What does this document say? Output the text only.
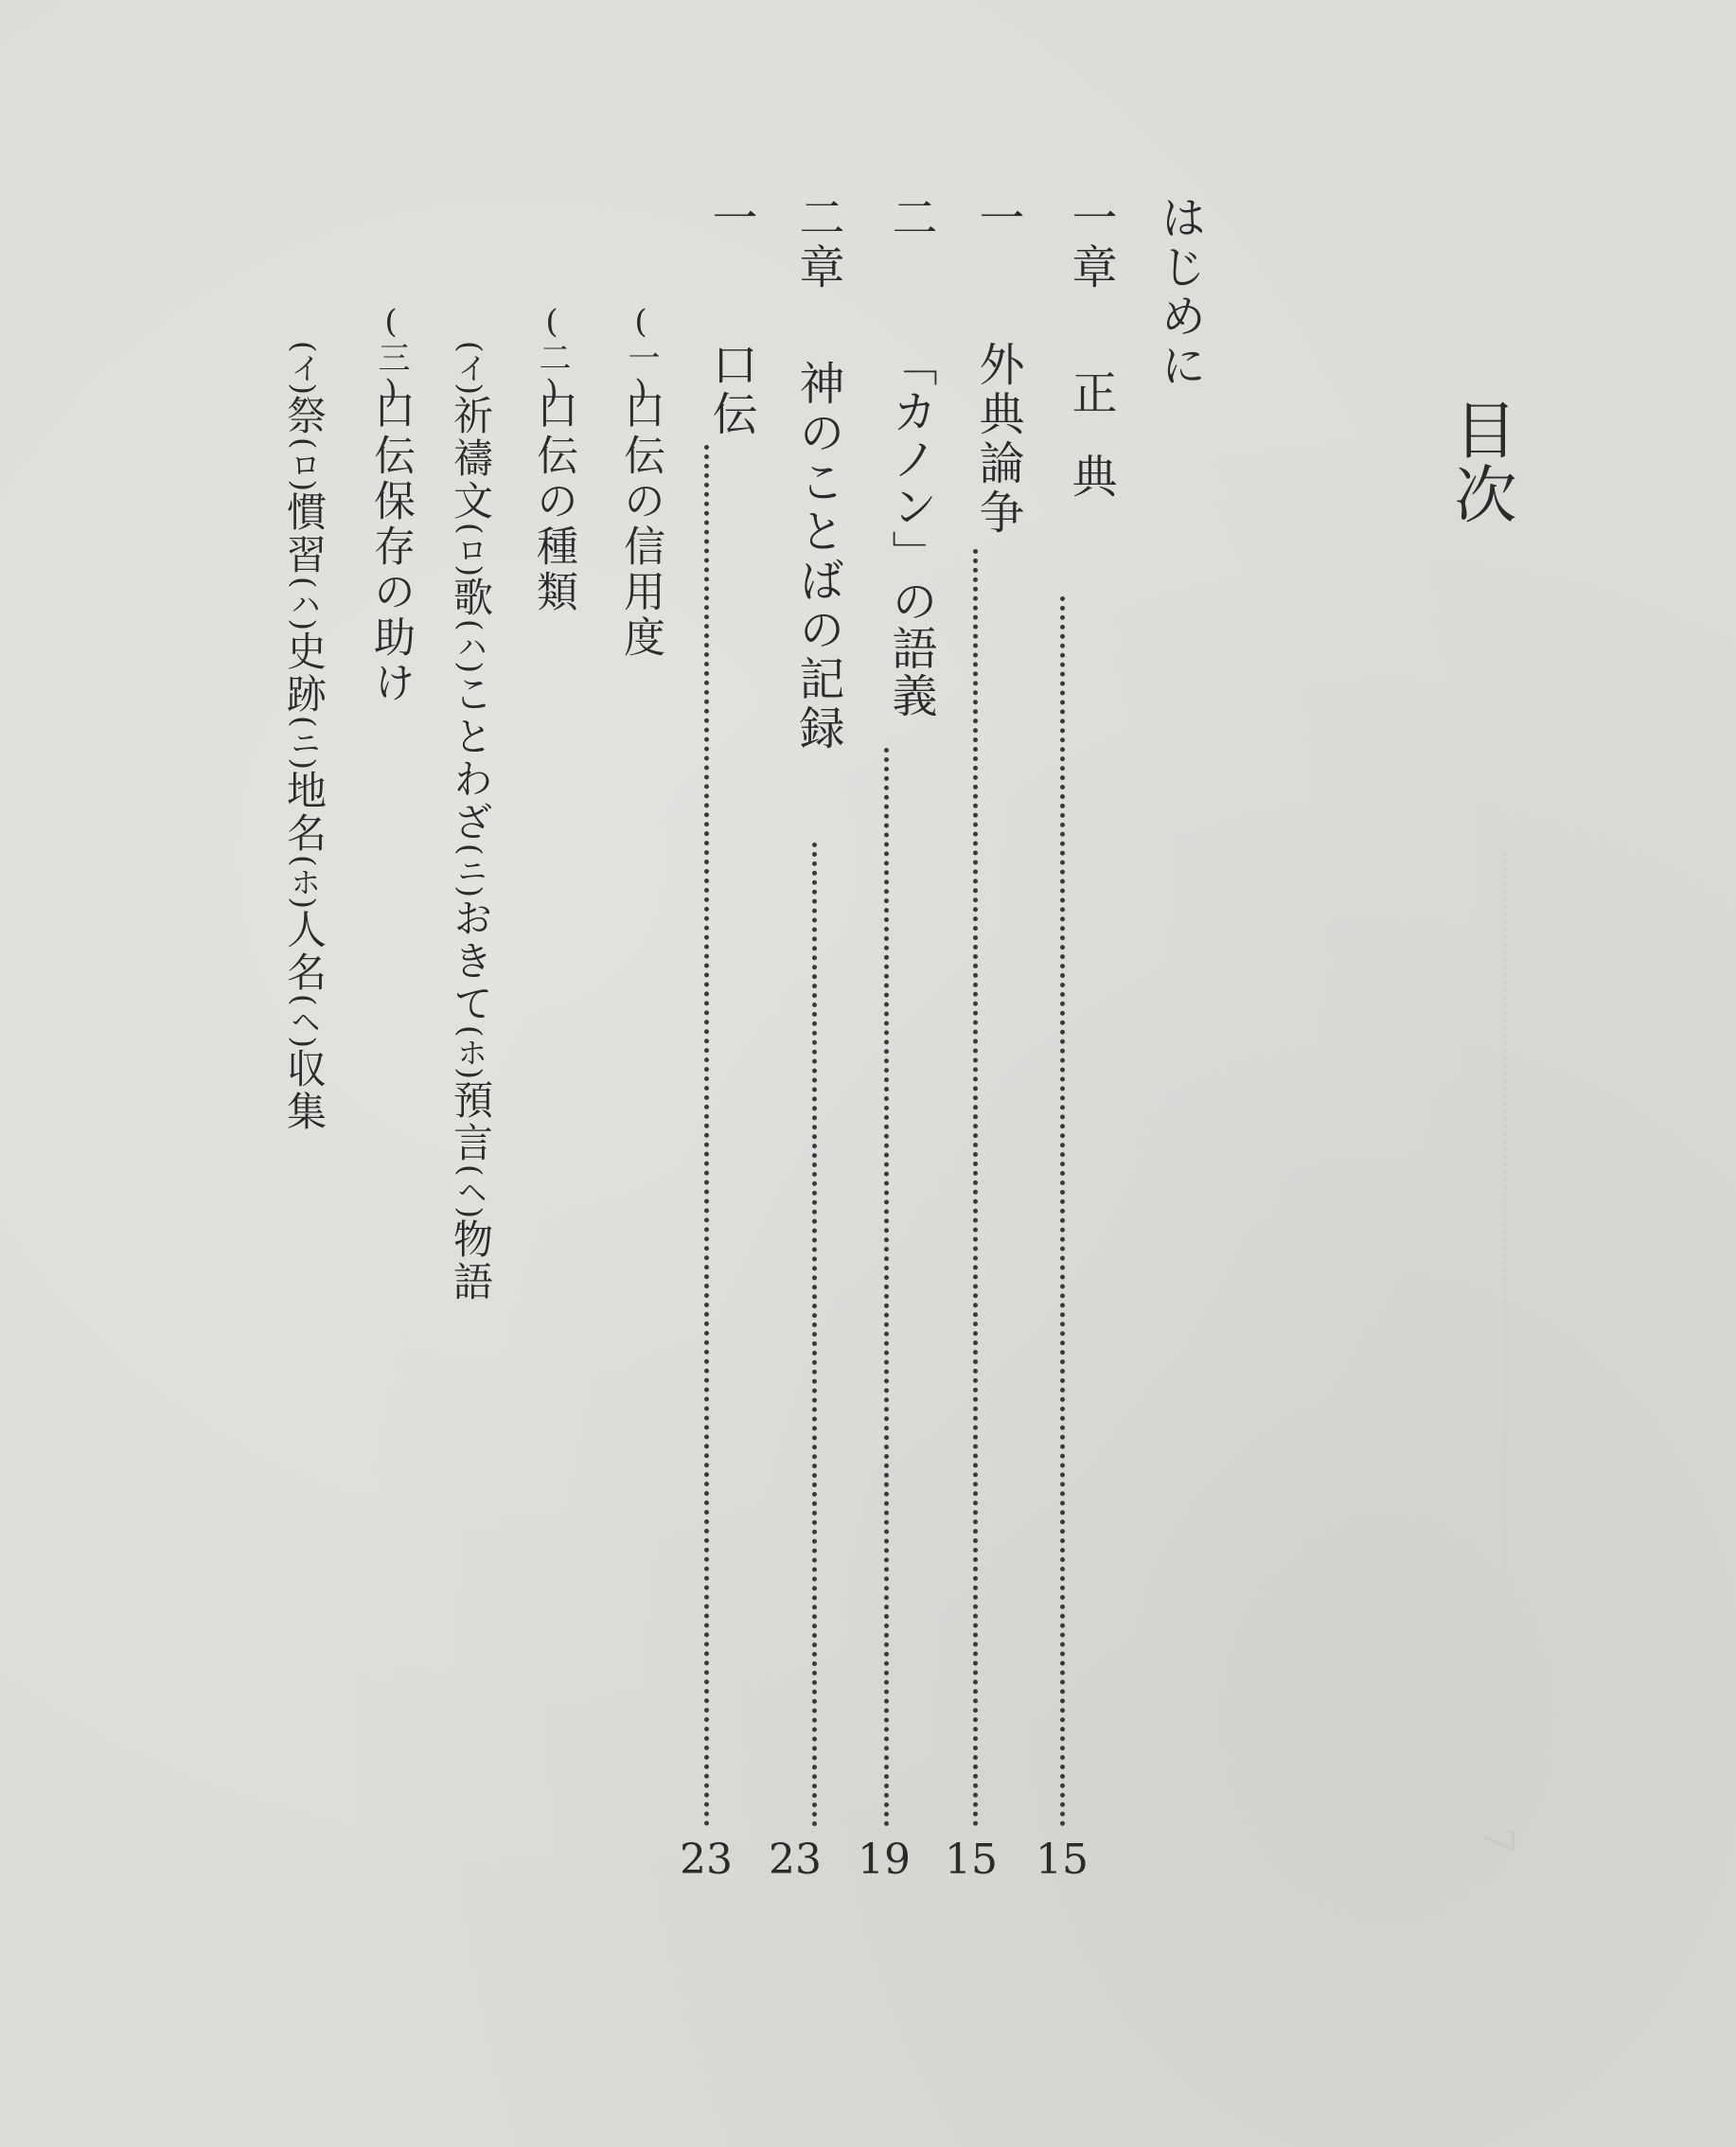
7
目次
はじめに
一章
正典
15
一
外典論争
15
二
「カノン」の語義
19
二章
神のことばの記録
23
一
口伝
23
(一)
口伝の信用度
(二)
口伝の種類
(イ)祈禱文(ロ)歌(ハ)ことわざ(ニ)おきて(ホ)預言(ヘ)物語
(三)
口伝保存の助け
(イ)祭(ロ)慣習(ハ)史跡(ニ)地名(ホ)人名(ヘ)収集
